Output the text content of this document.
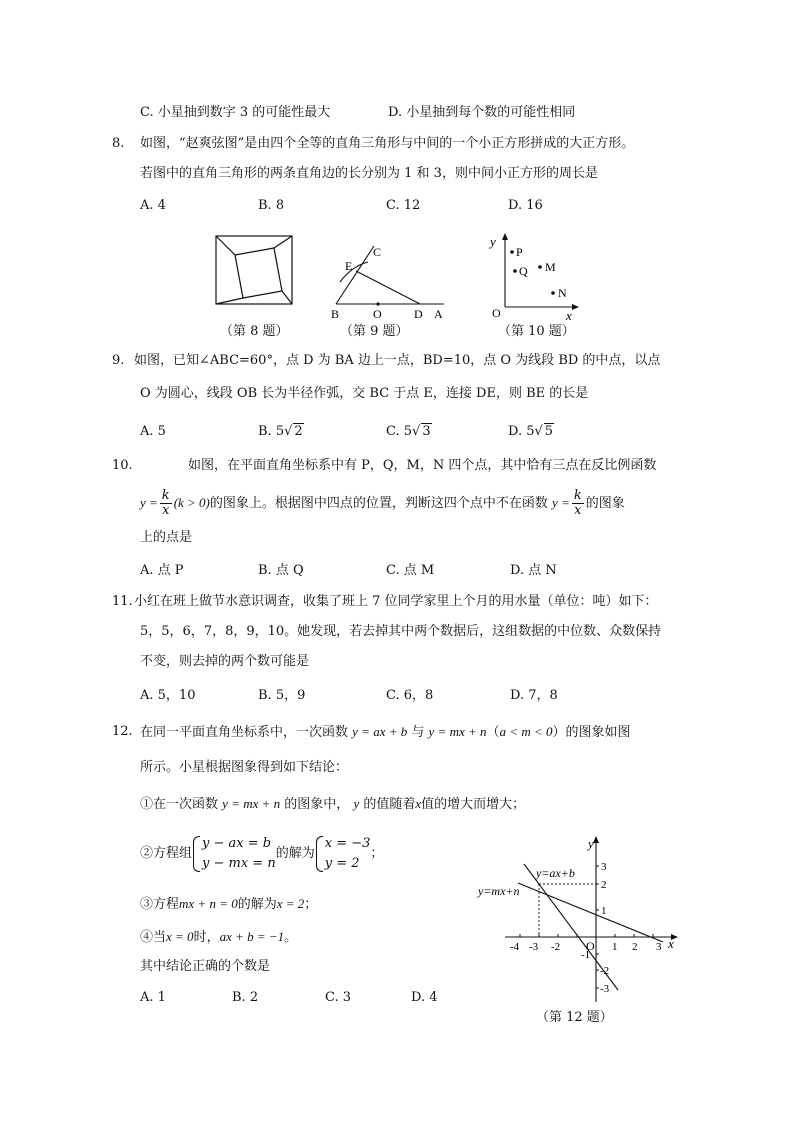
C. 小星抽到数字 3 的可能性最大	D. 小星抽到每个数的可能性相同
8. 如图，“赵爽弦图”是由四个全等的直角三角形与中间的一个小正方形拼成的大正方形。
若图中的直角三角形的两条直角边的长分别为 1 和 3，则中间小正方形的周长是
A. 4	B. 8	C. 12	D. 16
（第 8 题）
E
C
B	O	D A
（第 9 题）
y
P
Q M
N
O	x
（第 10 题）
9. 如图，已知∠ABC=60°，点 D 为 BA 边上一点，BD=10，点 O 为线段 BD 的中点，以点
O 为圆心，线段 OB 长为半径作弧，交 BC 于点 E，连接 DE，则 BE 的长是
A. 5	B. 5√ 2	C. 5√ 3	D. 5√ 5
10.	如图，在平面直角坐标系中有 P，Q，M，N 四个点，其中恰有三点在反比例函数
$y = \frac{k}{x} (k > 0)$的图象上。根据图中四点的位置，判断这四个点中不在函数 $y = \frac{k}{x}$ 的图象
上的点是
A. 点 P	B. 点 Q	C. 点 M	D. 点 N
11. 小红在班上做节水意识调查，收集了班上 7 位同学家里上个月的用水量（单位：吨）如下：
5，5，6，7，8，9，10。她发现，若去掉其中两个数据后，这组数据的中位数、众数保持
不变，则去掉的两个数可能是
A. 5，10	B. 5，9	C. 6，8	D. 7，8
12. 在同一平面直角坐标系中，一次函数 y = ax + b 与 y = mx + n（a < m < 0）的图象如图
所示。小星根据图象得到如下结论：
①在一次函数 y = mx + n 的图象中， y 的值随着x值的增大而增大；
②方程组
y − ax = b
y − mx = n
的解为
x = −3
y = 2
；
③方程mx + n = 0的解为x = 2；
④当x = 0时，ax + b = −1。
其中结论正确的个数是
A. 1	B. 2	C. 3	D. 4
y
x
O
y=ax+b
y=mx+n
-4 -3 -2	1 2 3
3
2
1
-1
-2
-3
（第 12 题）
